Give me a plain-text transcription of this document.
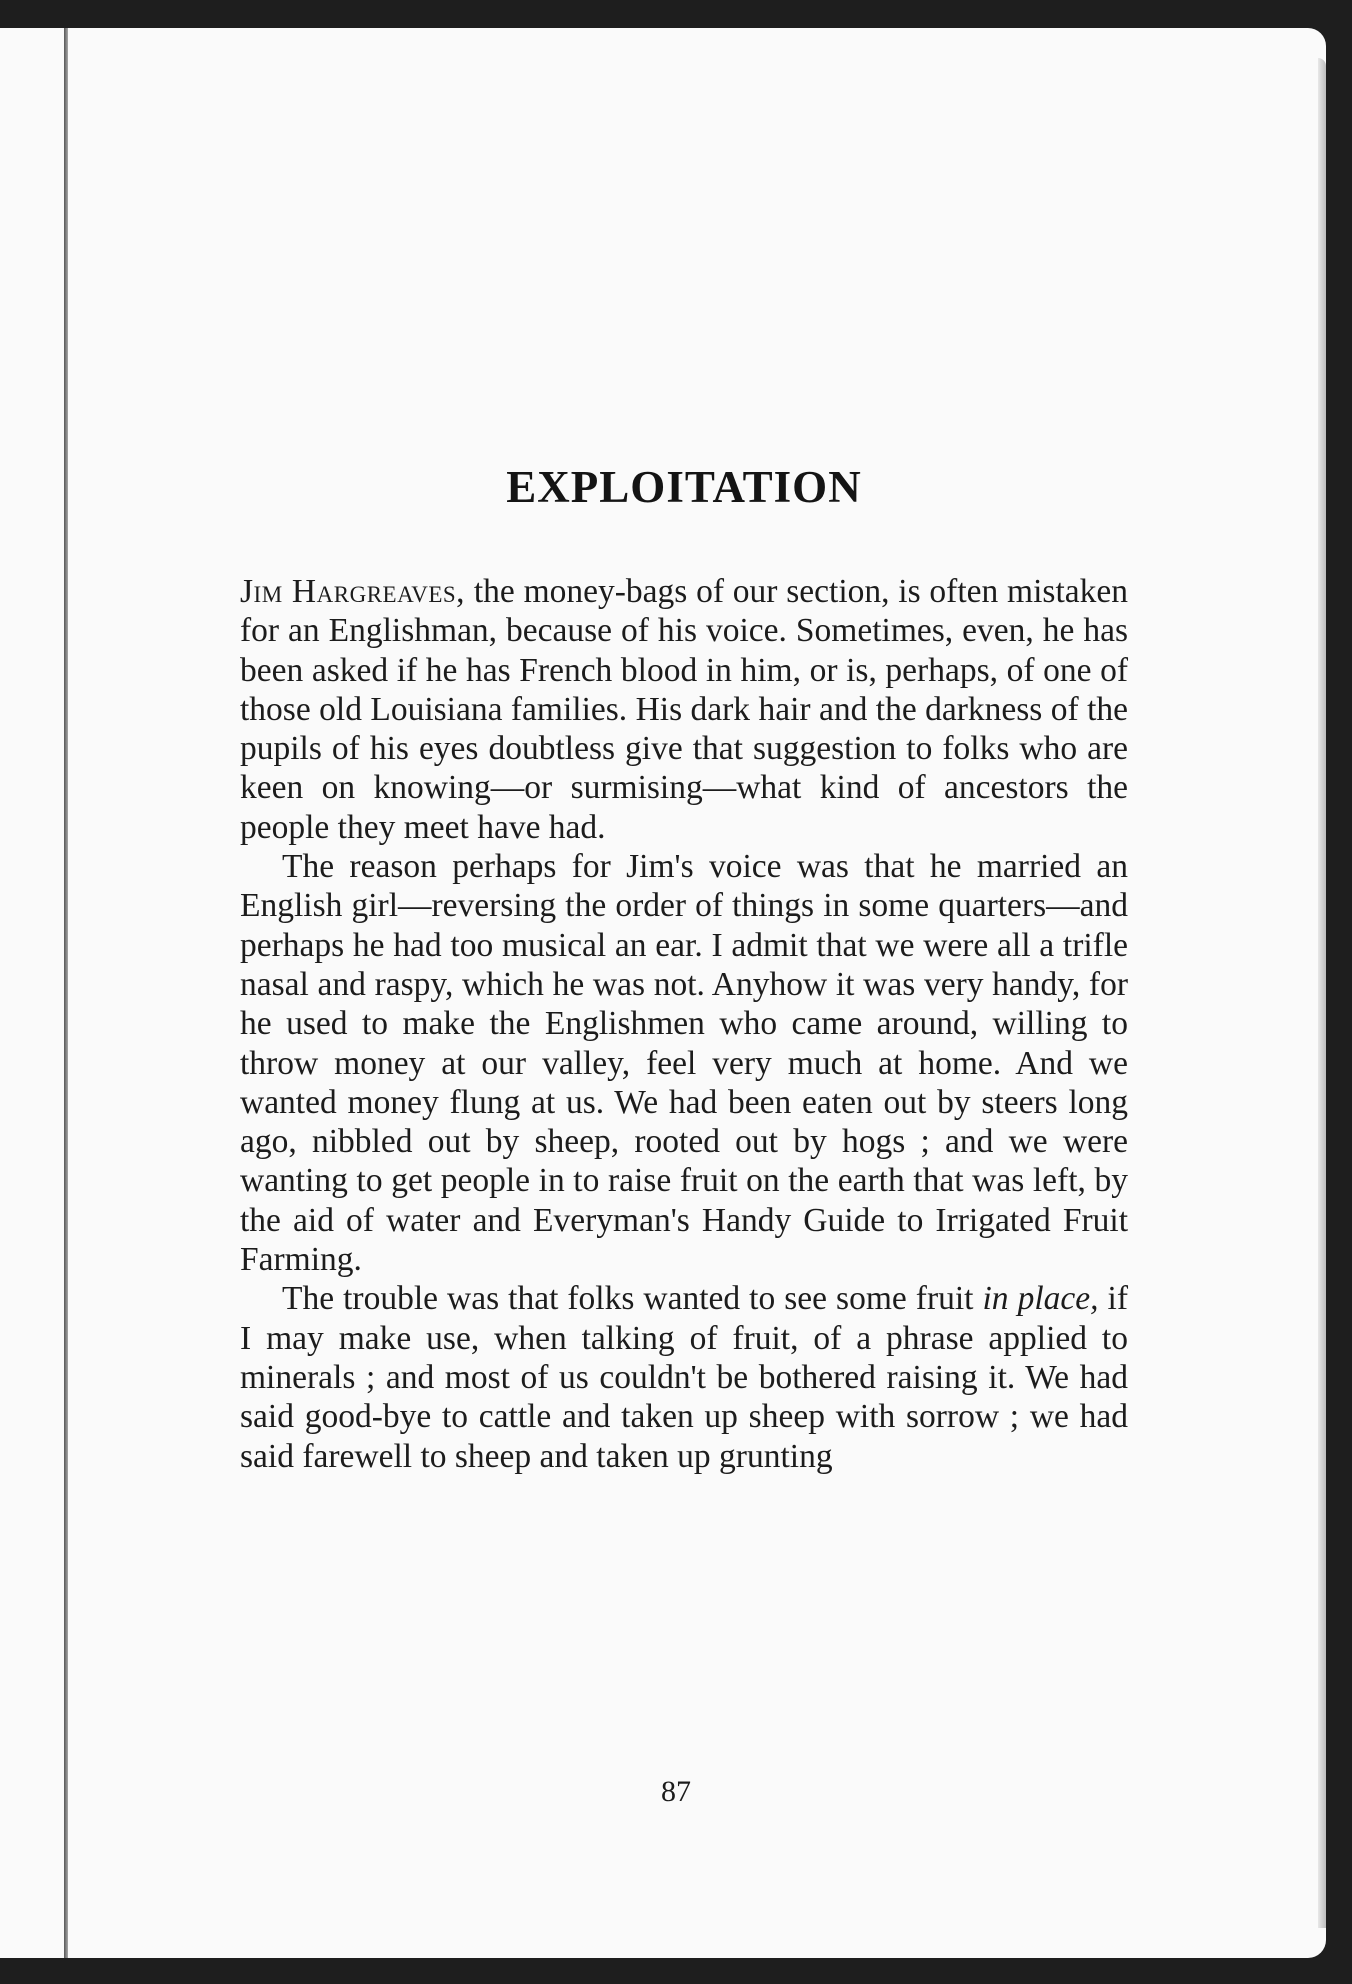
EXPLOITATION

Jim Hargreaves, the money-bags of our section, is often mistaken for an Englishman, because of his voice. Sometimes, even, he has been asked if he has French blood in him, or is, perhaps, of one of those old Louisiana families. His dark hair and the darkness of the pupils of his eyes doubtless give that suggestion to folks who are keen on knowing—or surmising—what kind of ancestors the people they meet have had.

The reason perhaps for Jim's voice was that he married an English girl—reversing the order of things in some quarters—and perhaps he had too musical an ear. I admit that we were all a trifle nasal and raspy, which he was not. Anyhow it was very handy, for he used to make the Englishmen who came around, willing to throw money at our valley, feel very much at home. And we wanted money flung at us. We had been eaten out by steers long ago, nibbled out by sheep, rooted out by hogs ; and we were wanting to get people in to raise fruit on the earth that was left, by the aid of water and Everyman's Handy Guide to Irrigated Fruit Farming.

The trouble was that folks wanted to see some fruit in place, if I may make use, when talking of fruit, of a phrase applied to minerals ; and most of us couldn't be bothered raising it. We had said good-bye to cattle and taken up sheep with sorrow ; we had said farewell to sheep and taken up grunting

87
